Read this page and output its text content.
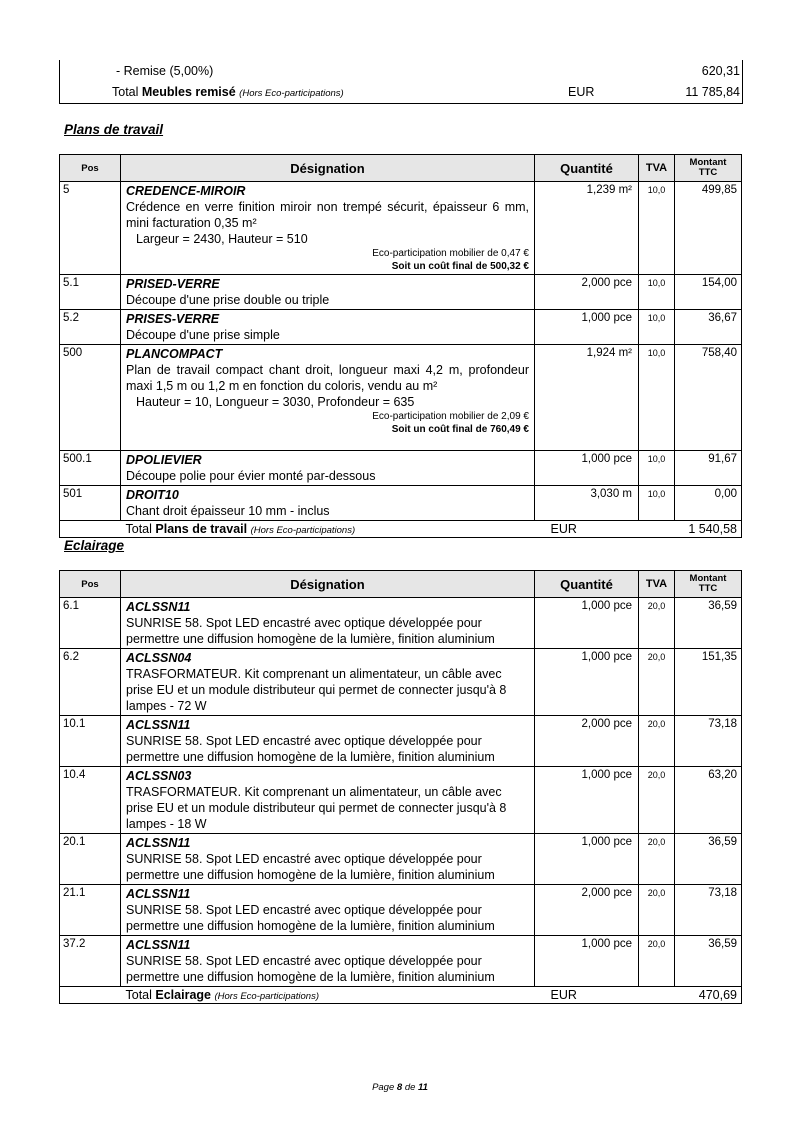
- Remise (5,00%)	620,31
Total Meubles remisé (Hors Eco-participations)	EUR	11 785,84
Plans de travail
Pos	Désignation	Quantité	TVA	Montant
TTC
5	CREDENCE-MIROIR
Crédence en verre finition miroir non trempé sécurit, épaisseur 6 mm, mini facturation 0,35 m²
Largeur = 2430, Hauteur = 510
Eco-participation mobilier de 0,47 €
Soit un coût final de 500,32 €	1,239 m²	10,0	499,85
5.1	PRISED-VERRE
Découpe d'une prise double ou triple	2,000 pce	10,0	154,00
5.2	PRISES-VERRE
Découpe d'une prise simple	1,000 pce	10,0	36,67
500	PLANCOMPACT
Plan de travail compact chant droit, longueur maxi 4,2 m, profondeur maxi 1,5 m ou 1,2 m en fonction du coloris, vendu au m²
Hauteur = 10, Longueur = 3030, Profondeur = 635
Eco-participation mobilier de 2,09 €
Soit un coût final de 760,49 €	1,924 m²	10,0	758,40
500.1	DPOLIEVIER
Découpe polie pour évier monté par-dessous	1,000 pce	10,0	91,67
501	DROIT10
Chant droit épaisseur 10 mm - inclus	3,030 m	10,0	0,00
	Total Plans de travail (Hors Eco-participations)	EUR		1 540,58
Eclairage
Pos	Désignation	Quantité	TVA	Montant
TTC
6.1	ACLSSN11
SUNRISE 58. Spot LED encastré avec optique développée pour permettre une diffusion homogène de la lumière, finition aluminium	1,000 pce	20,0	36,59
6.2	ACLSSN04
TRASFORMATEUR. Kit comprenant un alimentateur, un câble avec prise EU et un module distributeur qui permet de connecter jusqu'à 8 lampes - 72 W	1,000 pce	20,0	151,35
10.1	ACLSSN11
SUNRISE 58. Spot LED encastré avec optique développée pour permettre une diffusion homogène de la lumière, finition aluminium	2,000 pce	20,0	73,18
10.4	ACLSSN03
TRASFORMATEUR. Kit comprenant un alimentateur, un câble avec prise EU et un module distributeur qui permet de connecter jusqu'à 8 lampes - 18 W	1,000 pce	20,0	63,20
20.1	ACLSSN11
SUNRISE 58. Spot LED encastré avec optique développée pour permettre une diffusion homogène de la lumière, finition aluminium	1,000 pce	20,0	36,59
21.1	ACLSSN11
SUNRISE 58. Spot LED encastré avec optique développée pour permettre une diffusion homogène de la lumière, finition aluminium	2,000 pce	20,0	73,18
37.2	ACLSSN11
SUNRISE 58. Spot LED encastré avec optique développée pour permettre une diffusion homogène de la lumière, finition aluminium	1,000 pce	20,0	36,59
	Total Eclairage (Hors Eco-participations)	EUR		470,69
Page 8 de 11
